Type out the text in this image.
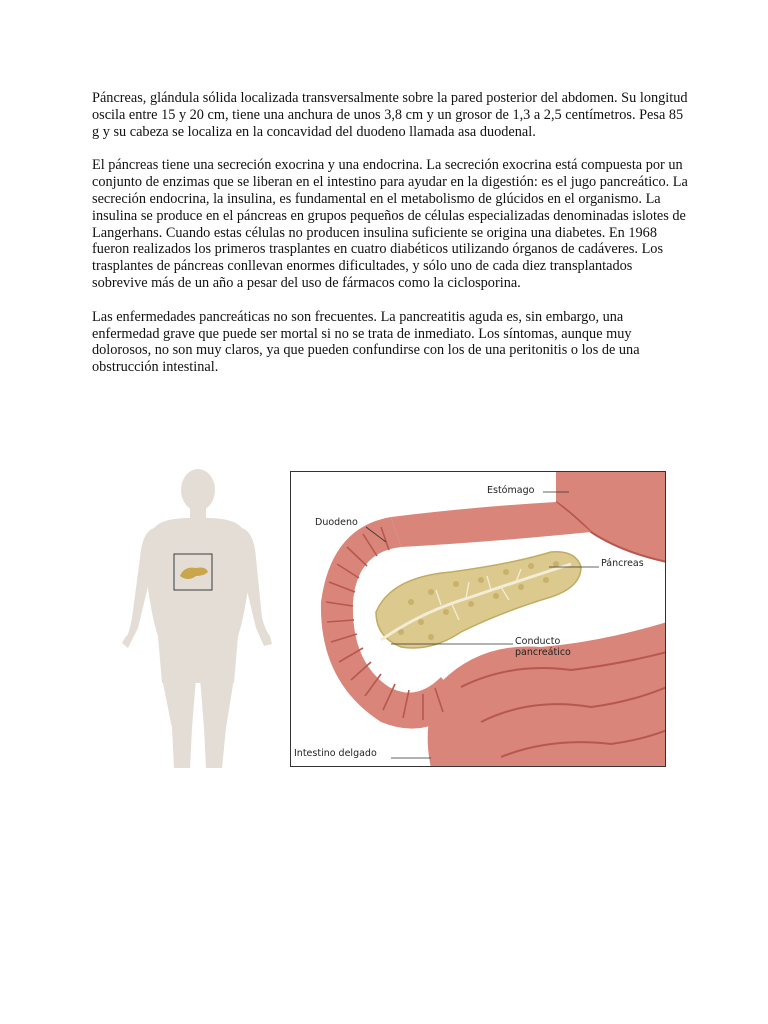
Páncreas, glándula sólida localizada transversalmente sobre la pared posterior del abdomen. Su longitud oscila entre 15 y 20 cm, tiene una anchura de unos 3,8 cm y un grosor de 1,3 a 2,5 centímetros. Pesa 85 g y su cabeza se localiza en la concavidad del duodeno llamada asa duodenal.

El páncreas tiene una secreción exocrina y una endocrina. La secreción exocrina está compuesta por un conjunto de enzimas que se liberan en el intestino para ayudar en la digestión: es el jugo pancreático. La secreción endocrina, la insulina, es fundamental en el metabolismo de glúcidos en el organismo. La insulina se produce en el páncreas en grupos pequeños de células especializadas denominadas islotes de Langerhans. Cuando estas células no producen insulina suficiente se origina una diabetes. En 1968 fueron realizados los primeros trasplantes en cuatro diabéticos utilizando órganos de cadáveres. Los trasplantes de páncreas conllevan enormes dificultades, y sólo uno de cada diez transplantados sobrevive más de un año a pesar del uso de fármacos como la ciclosporina.

Las enfermedades pancreáticas no son frecuentes. La pancreatitis aguda es, sin embargo, una enfermedad grave que puede ser mortal si no se trata de inmediato. Los síntomas, aunque muy dolorosos, no son muy claros, ya que pueden confundirse con los de una peritonitis o los de una obstrucción intestinal.

Estómago
Duodeno
Páncreas
Conducto
pancreático
Intestino delgado
